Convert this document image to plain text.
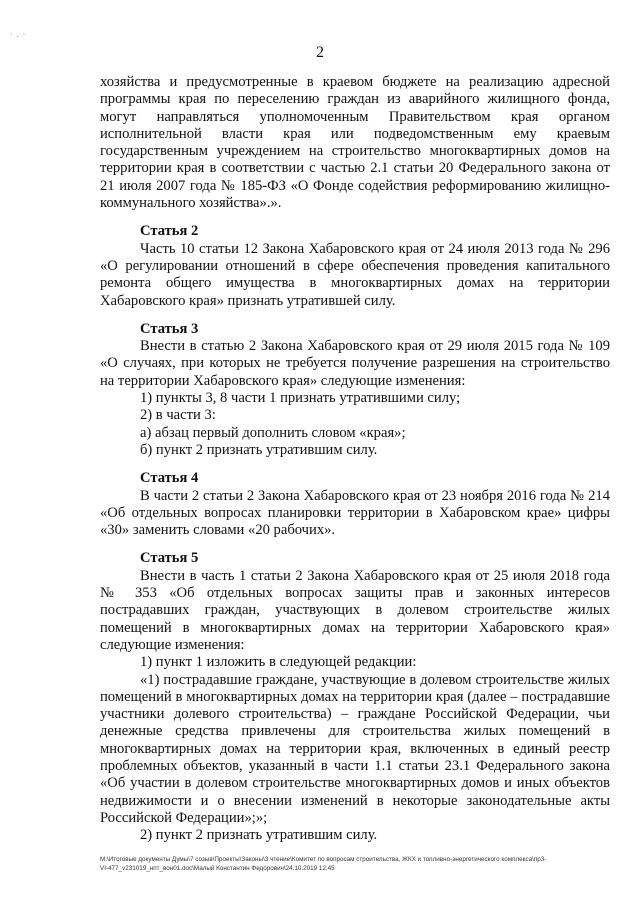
· . ·
2

хозяйства и предусмотренные в краевом бюджете на реализацию адресной программы края по переселению граждан из аварийного жилищного фонда, могут направляться уполномоченным Правительством края органом исполнительной власти края или подведомственным ему краевым государственным учреждением на строительство многоквартирных домов на территории края в соответствии с частью 2.1 статьи 20 Федерального закона от 21 июля 2007 года № 185-ФЗ «О Фонде содействия реформированию жилищно-коммунального хозяйства».».

Статья 2

Часть 10 статьи 12 Закона Хабаровского края от 24 июля 2013 года № 296 «О регулировании отношений в сфере обеспечения проведения капитального ремонта общего имущества в многоквартирных домах на территории Хабаровского края» признать утратившей силу.

Статья 3

Внести в статью 2 Закона Хабаровского края от 29 июля 2015 года № 109 «О случаях, при которых не требуется получение разрешения на строительство на территории Хабаровского края» следующие изменения:

1) пункты 3, 8 части 1 признать утратившими силу;

2) в части 3:

а) абзац первый дополнить словом «края»;

б) пункт 2 признать утратившим силу.

Статья 4

В части 2 статьи 2 Закона Хабаровского края от 23 ноября 2016 года № 214 «Об отдельных вопросах планировки территории в Хабаровском крае» цифры «30» заменить словами «20 рабочих».

Статья 5

Внести в часть 1 статьи 2 Закона Хабаровского края от 25 июля 2018 года № 353 «Об отдельных вопросах защиты прав и законных интересов пострадавших граждан, участвующих в долевом строительстве жилых помещений в многоквартирных домах на территории Хабаровского края» следующие изменения:

1) пункт 1 изложить в следующей редакции:

«1) пострадавшие граждане, участвующие в долевом строительстве жилых помещений в многоквартирных домах на территории края (далее – пострадавшие участники долевого строительства) – граждане Российской Федерации, чьи денежные средства привлечены для строительства жилых помещений в многоквартирных домах на территории края, включенных в единый реестр проблемных объектов, указанный в части 1.1 статьи 23.1 Федерального закона «Об участии в долевом строительстве многоквартирных домов и иных объектов недвижимости и о внесении изменений в некоторые законодательные акты Российской Федерации»;»;

2) пункт 2 признать утратившим силу.

М:\Итоговые документы Думы\7 созыв\Проекты\Законы\3 чтение\Комитет по вопросам строительства, ЖКХ и топливно-энергетического комплекса\пр3-
VI-477_v231019_нпт_вон01.doc\Малый Константин Федорович\24.10.2019 12:45
